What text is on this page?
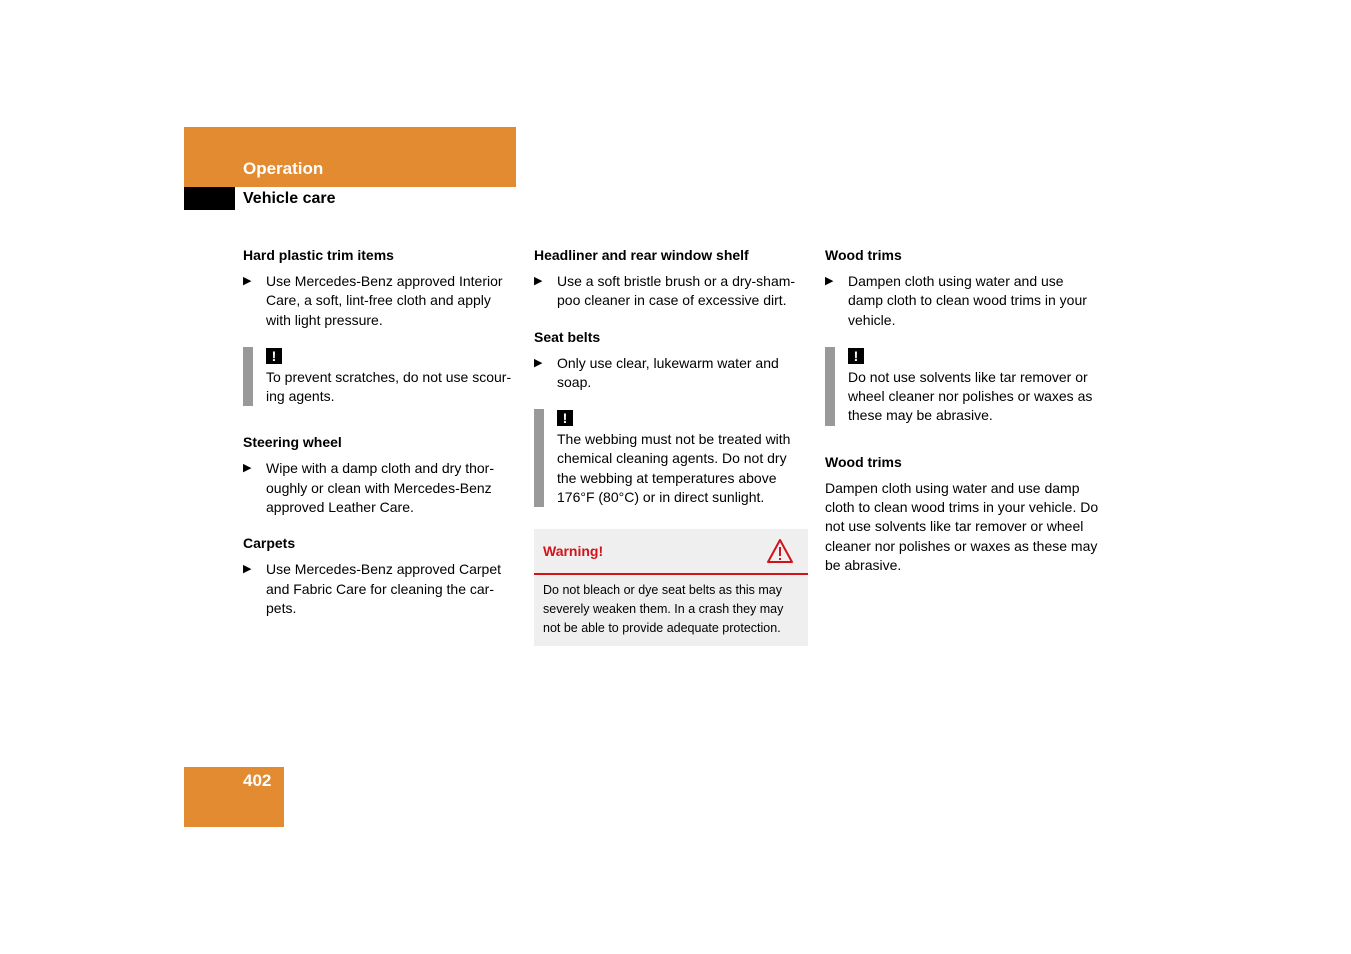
Operation
Vehicle care
Hard plastic trim items
▶ Use Mercedes-Benz approved Interior Care, a soft, lint-free cloth and apply with light pressure.
!
To prevent scratches, do not use scour-ing agents.
Steering wheel
▶ Wipe with a damp cloth and dry thor-oughly or clean with Mercedes-Benz approved Leather Care.
Carpets
▶ Use Mercedes-Benz approved Carpet and Fabric Care for cleaning the car-pets.
Headliner and rear window shelf
▶ Use a soft bristle brush or a dry-sham-poo cleaner in case of excessive dirt.
Seat belts
▶ Only use clear, lukewarm water and soap.
!
The webbing must not be treated with chemical cleaning agents. Do not dry the webbing at temperatures above 176°F (80°C) or in direct sunlight.
Warning!
Do not bleach or dye seat belts as this may severely weaken them. In a crash they may not be able to provide adequate protection.
Wood trims
▶ Dampen cloth using water and use damp cloth to clean wood trims in your vehicle.
!
Do not use solvents like tar remover or wheel cleaner nor polishes or waxes as these may be abrasive.
Wood trims

Dampen cloth using water and use damp cloth to clean wood trims in your vehicle. Do not use solvents like tar remover or wheel cleaner nor polishes or waxes as these may be abrasive.

402
